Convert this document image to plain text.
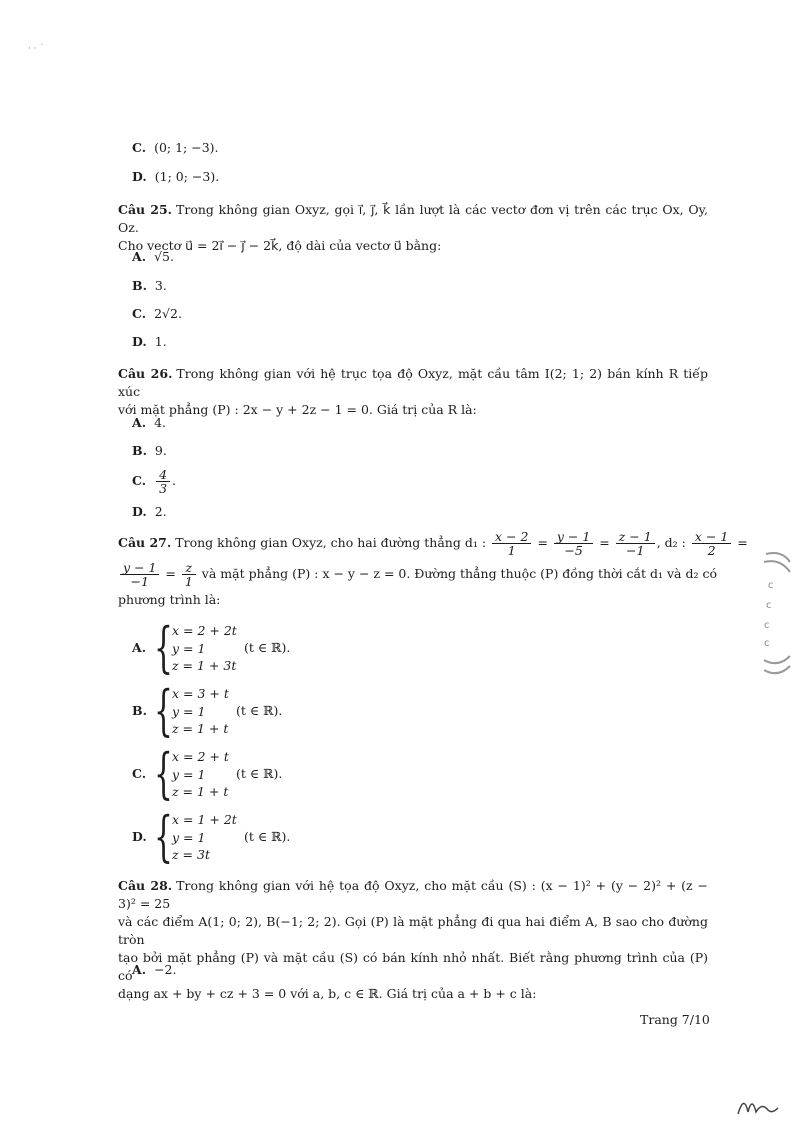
· · ˙
c
c
c
c
C. (0; 1; −3).
D. (1; 0; −3).
Câu 25. Trong không gian Oxyz, gọi i⃗, j⃗, k⃗ lần lượt là các vectơ đơn vị trên các trục Ox, Oy, Oz.
Cho vectơ u⃗ = 2i⃗ − j⃗ − 2k⃗, độ dài của vectơ u⃗ bằng:
A. √5.
B. 3.
C. 2√2.
D. 1.
Câu 26. Trong không gian với hệ trục tọa độ Oxyz, mặt cầu tâm I(2; 1; 2) bán kính R tiếp xúc
với mặt phẳng (P) : 2x − y + 2z − 1 = 0. Giá trị của R là:
A. 4.
B. 9.
C. $\frac{4}{3}$ .
D. 2.
Câu 27. Trong không gian Oxyz, cho hai đường thẳng d₁ : $\frac{x - 2}{1} = \frac{y - 1}{-5} = \frac{z - 1}{-1}$ , d₂ : $\frac{x - 1}{2}$ =
$\frac{y - 1}{-1} = \frac{z}{1}$ và mặt phẳng (P) : x − y − z = 0. Đường thẳng thuộc (P) đồng thời cắt d₁ và d₂ có
phương trình là:
A. { x = 2 + 2t
y = 1
z = 1 + 3t
(t ∈ ℝ).
B. { x = 3 + t
y = 1
z = 1 + t
(t ∈ ℝ).
C. { x = 2 + t
y = 1
z = 1 + t
(t ∈ ℝ).
D. { x = 1 + 2t
y = 1
z = 3t
(t ∈ ℝ).
Câu 28. Trong không gian với hệ tọa độ Oxyz, cho mặt cầu (S) : (x − 1)² + (y − 2)² + (z − 3)² = 25
và các điểm A(1; 0; 2), B(−1; 2; 2). Gọi (P) là mặt phẳng đi qua hai điểm A, B sao cho đường tròn
tạo bởi mặt phẳng (P) và mặt cầu (S) có bán kính nhỏ nhất. Biết rằng phương trình của (P) có
dạng ax + by + cz + 3 = 0 với a, b, c ∈ ℝ. Giá trị của a + b + c là:
A. −2.
Trang 7/10
